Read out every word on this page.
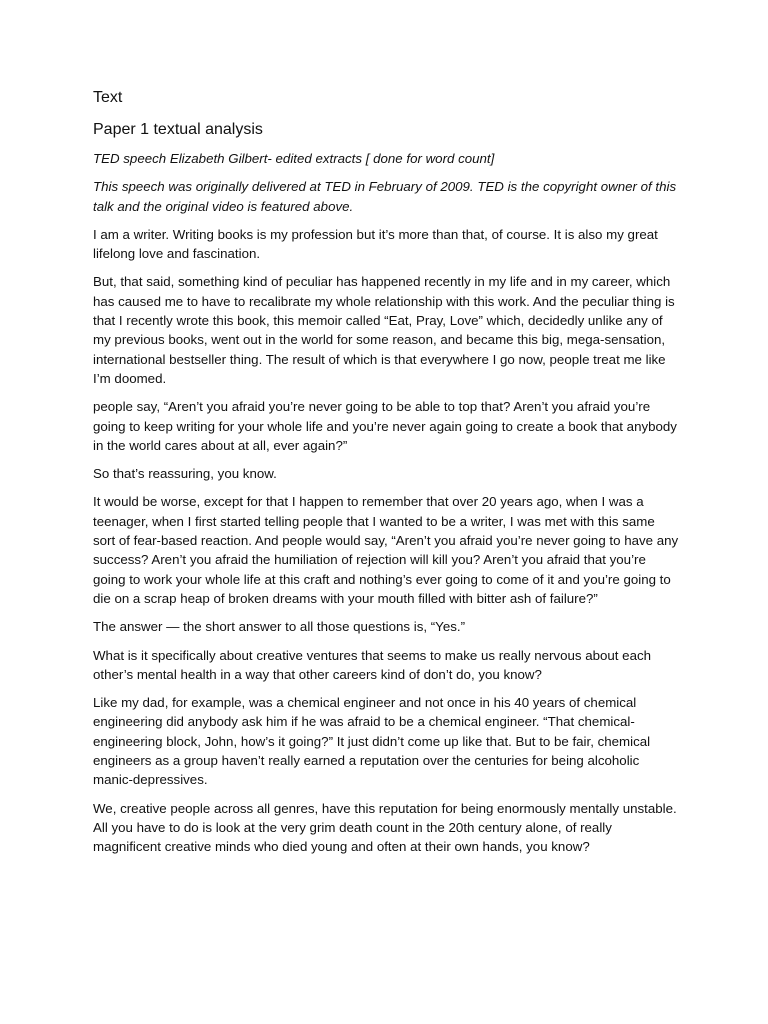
Text
Paper 1 textual analysis

TED speech Elizabeth Gilbert- edited extracts [ done for word count]

This speech was originally delivered at TED in February of 2009. TED is the copyright owner of this talk and the original video is featured above.

I am a writer. Writing books is my profession but it’s more than that, of course. It is also my great lifelong love and fascination.

But, that said, something kind of peculiar has happened recently in my life and in my career, which has caused me to have to recalibrate my whole relationship with this work. And the peculiar thing is that I recently wrote this book, this memoir called “Eat, Pray, Love” which, decidedly unlike any of my previous books, went out in the world for some reason, and became this big, mega-sensation, international bestseller thing. The result of which is that everywhere I go now, people treat me like I’m doomed.

people say, “Aren’t you afraid you’re never going to be able to top that? Aren’t you afraid you’re going to keep writing for your whole life and you’re never again going to create a book that anybody in the world cares about at all, ever again?”

So that’s reassuring, you know.

It would be worse, except for that I happen to remember that over 20 years ago, when I was a teenager, when I first started telling people that I wanted to be a writer, I was met with this same sort of fear-based reaction. And people would say, “Aren’t you afraid you’re never going to have any success? Aren’t you afraid the humiliation of rejection will kill you? Aren’t you afraid that you’re going to work your whole life at this craft and nothing’s ever going to come of it and you’re going to die on a scrap heap of broken dreams with your mouth filled with bitter ash of failure?”

The answer — the short answer to all those questions is, “Yes.”

What is it specifically about creative ventures that seems to make us really nervous about each other’s mental health in a way that other careers kind of don’t do, you know?

Like my dad, for example, was a chemical engineer and not once in his 40 years of chemical engineering did anybody ask him if he was afraid to be a chemical engineer. “That chemical-engineering block, John, how’s it going?” It just didn’t come up like that. But to be fair, chemical engineers as a group haven’t really earned a reputation over the centuries for being alcoholic manic-depressives.

We, creative people across all genres, have this reputation for being enormously mentally unstable. All you have to do is look at the very grim death count in the 20th century alone, of really magnificent creative minds who died young and often at their own hands, you know?
